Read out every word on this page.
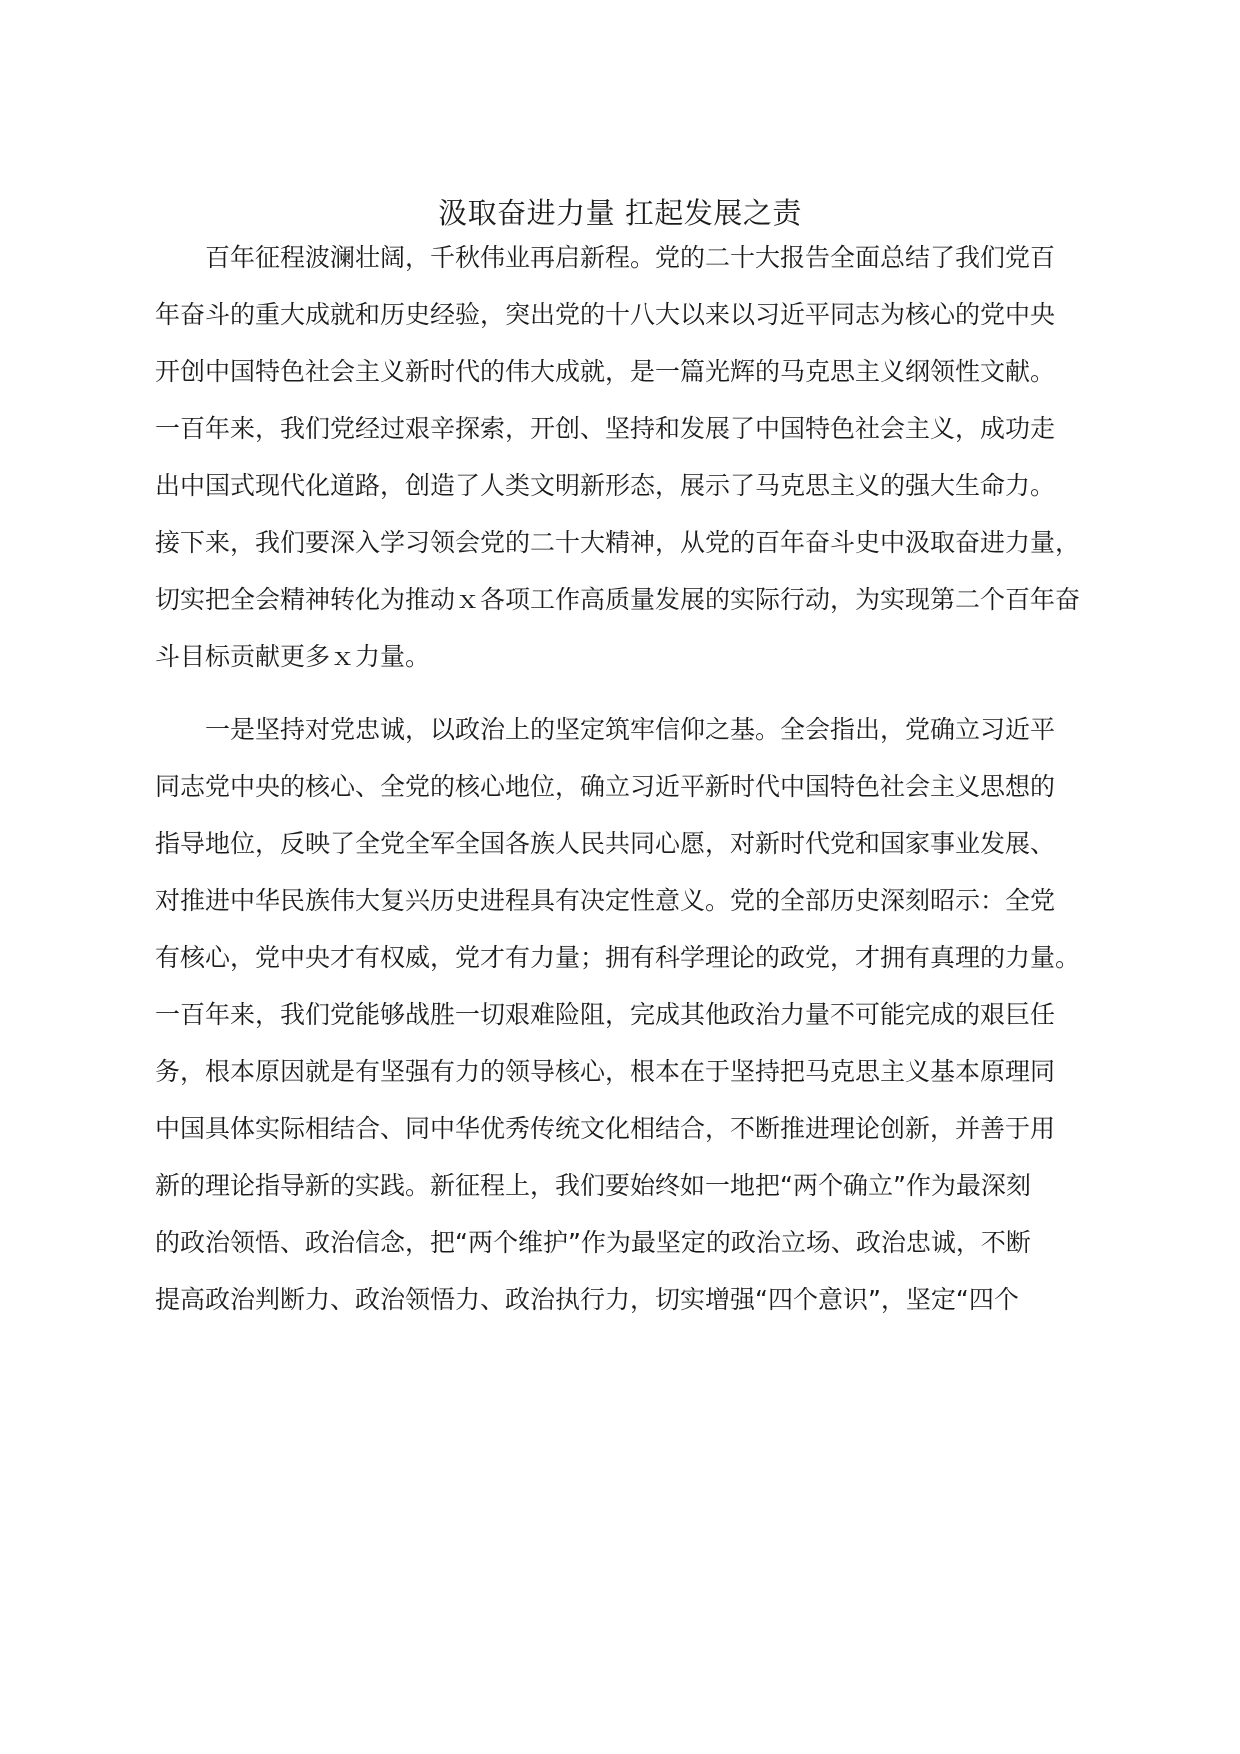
汲取奋进力量 扛起发展之责

百年征程波澜壮阔，千秋伟业再启新程。党的二十大报告全面总结了我们党百

年奋斗的重大成就和历史经验，突出党的十八大以来以习近平同志为核心的党中央

开创中国特色社会主义新时代的伟大成就，是一篇光辉的马克思主义纲领性文献。

一百年来，我们党经过艰辛探索，开创、坚持和发展了中国特色社会主义，成功走

出中国式现代化道路，创造了人类文明新形态，展示了马克思主义的强大生命力。

接下来，我们要深入学习领会党的二十大精神，从党的百年奋斗史中汲取奋进力量，

切实把全会精神转化为推动ｘ各项工作高质量发展的实际行动，为实现第二个百年奋

斗目标贡献更多ｘ力量。

一是坚持对党忠诚，以政治上的坚定筑牢信仰之基。全会指出，党确立习近平

同志党中央的核心、全党的核心地位，确立习近平新时代中国特色社会主义思想的

指导地位，反映了全党全军全国各族人民共同心愿，对新时代党和国家事业发展、

对推进中华民族伟大复兴历史进程具有决定性意义。党的全部历史深刻昭示：全党

有核心，党中央才有权威，党才有力量；拥有科学理论的政党，才拥有真理的力量。

一百年来，我们党能够战胜一切艰难险阻，完成其他政治力量不可能完成的艰巨任

务，根本原因就是有坚强有力的领导核心，根本在于坚持把马克思主义基本原理同

中国具体实际相结合、同中华优秀传统文化相结合，不断推进理论创新，并善于用

新的理论指导新的实践。新征程上，我们要始终如一地把“两个确立”作为最深刻

的政治领悟、政治信念，把“两个维护”作为最坚定的政治立场、政治忠诚，不断

提高政治判断力、政治领悟力、政治执行力，切实增强“四个意识”，坚定“四个
